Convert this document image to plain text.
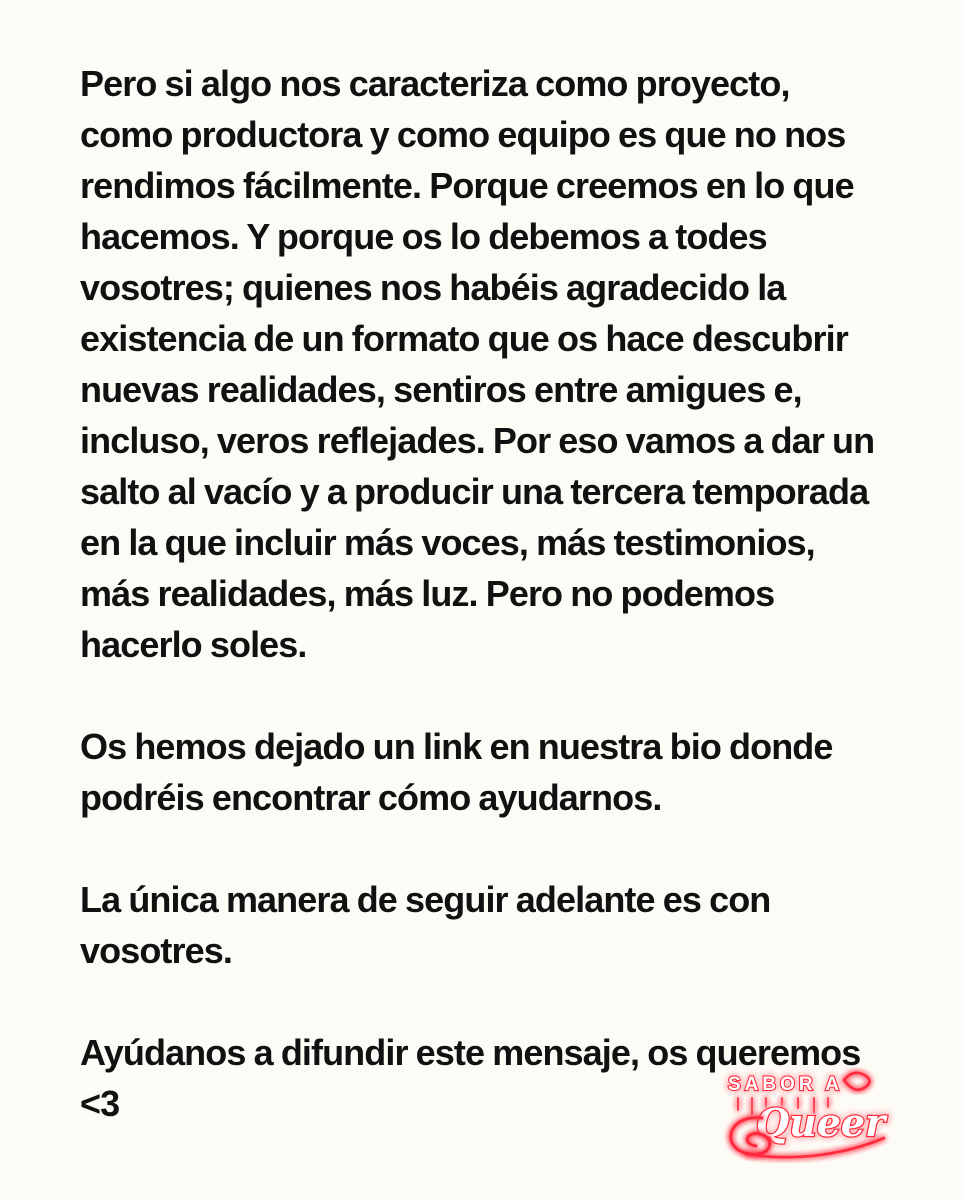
Pero si algo nos caracteriza como proyecto, como productora y como equipo es que no nos rendimos fácilmente. Porque creemos en lo que hacemos. Y porque os lo debemos a todes vosotres; quienes nos habéis agradecido la existencia de un formato que os hace descubrir nuevas realidades, sentiros entre amigues e, incluso, veros reflejades. Por eso vamos a dar un salto al vacío y a producir una tercera temporada en la que incluir más voces, más testimonios, más realidades, más luz. Pero no podemos hacerlo soles.

Os hemos dejado un link en nuestra bio donde podréis encontrar cómo ayudarnos.

La única manera de seguir adelante es con vosotres.

Ayúdanos a difundir este mensaje, os queremos <3	SABOR A
Queer
